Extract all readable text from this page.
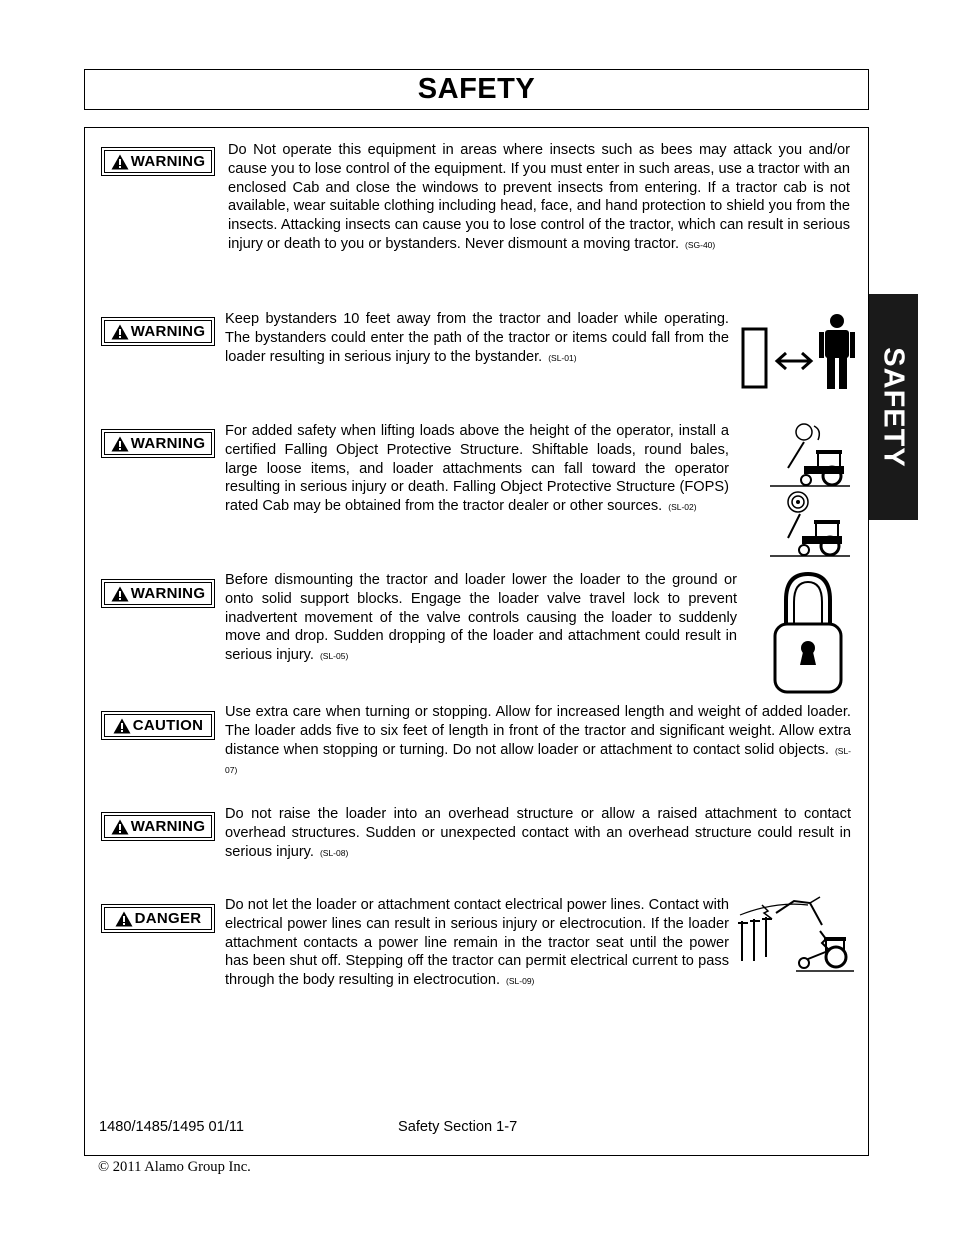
SAFETY
SAFETY
WARNING
Do Not operate this equipment in areas where insects such as bees may attack you and/or cause you to lose control of the equipment. If you must enter in such areas, use a tractor with an enclosed Cab and close the windows to prevent insects from entering. If a tractor cab is not available, wear suitable clothing including head, face, and hand protection to shield you from the insects. Attacking insects can cause you to lose control of the tractor, which can result in serious injury or death to you or bystanders. Never dismount a moving tractor. (SG-40)
WARNING
Keep bystanders 10 feet away from the tractor and loader while operating. The bystanders could enter the path of the tractor or items could fall from the loader resulting in serious injury to the bystander. (SL-01)
WARNING
For added safety when lifting loads above the height of the operator, install a certified Falling Object Protective Structure. Shiftable loads, round bales, large loose items, and loader attachments can fall toward the operator resulting in serious injury or death. Falling Object Protective Structure (FOPS) rated Cab may be obtained from the tractor dealer or other sources. (SL-02)
WARNING
Before dismounting the tractor and loader lower the loader to the ground or onto solid support blocks. Engage the loader valve travel lock to prevent inadvertent movement of the valve controls causing the loader to suddenly move and drop. Sudden dropping of the loader and attachment could result in serious injury. (SL-05)
CAUTION
Use extra care when turning or stopping. Allow for increased length and weight of added loader. The loader adds five to six feet of length in front of the tractor and significant weight. Allow extra distance when stopping or turning. Do not allow loader or attachment to contact solid objects. (SL-07)
WARNING
Do not raise the loader into an overhead structure or allow a raised attachment to contact overhead structures. Sudden or unexpected contact with an overhead structure could result in serious injury. (SL-08)
DANGER
Do not let the loader or attachment contact electrical power lines. Contact with electrical power lines can result in serious injury or electrocution. If the loader attachment contacts a power line remain in the tractor seat until the power has been shut off. Stepping off the tractor can permit electrical current to pass through the body resulting in electrocution. (SL-09)
1480/1485/1495 01/11	Safety Section 1-7
© 2011 Alamo Group Inc.
